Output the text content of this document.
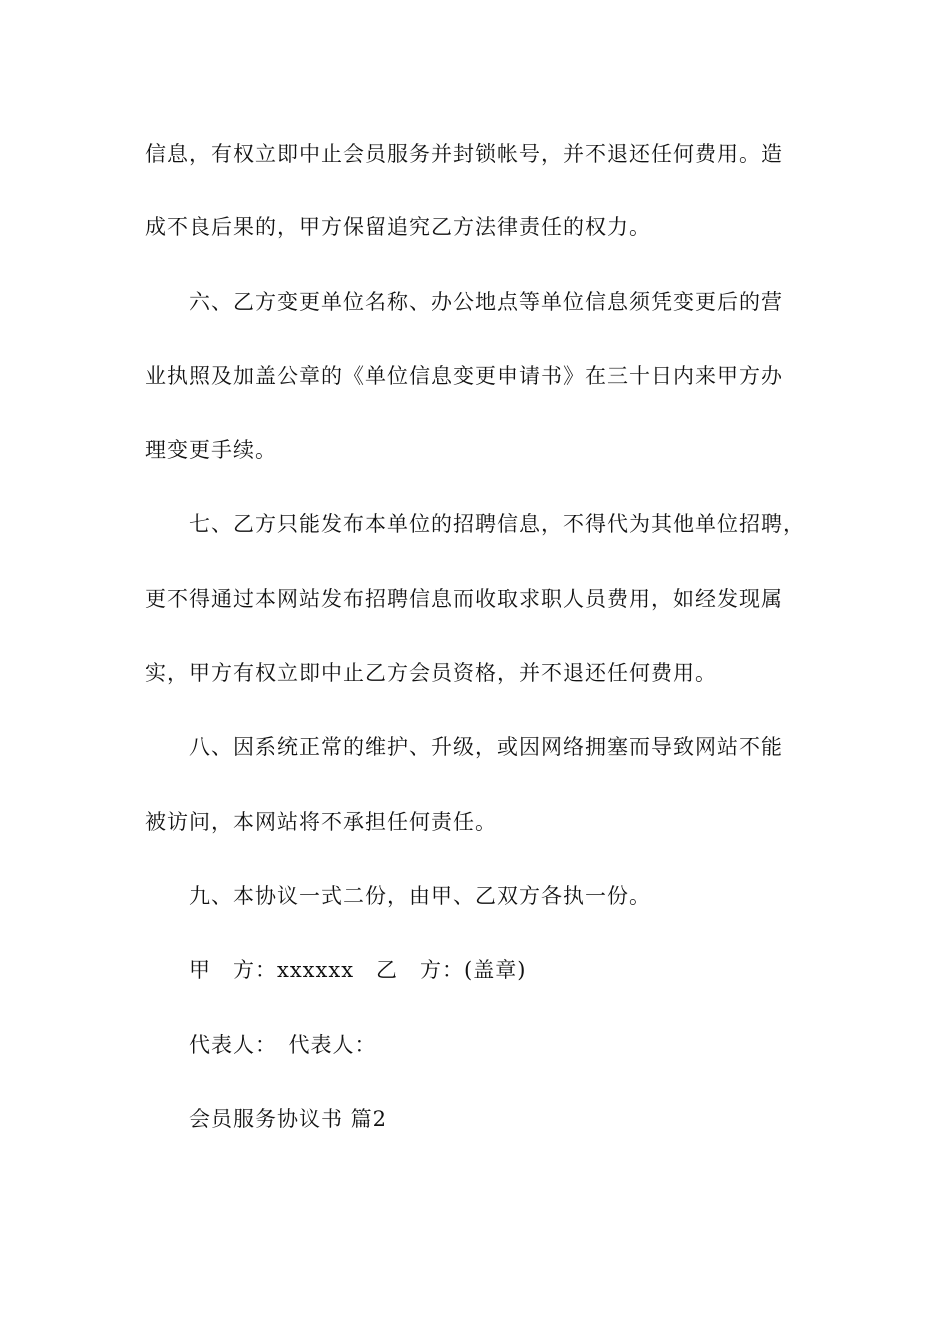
信息，有权立即中止会员服务并封锁帐号，并不退还任何费用。造
成不良后果的，甲方保留追究乙方法律责任的权力。
六、乙方变更单位名称、办公地点等单位信息须凭变更后的营
业执照及加盖公章的《单位信息变更申请书》在三十日内来甲方办
理变更手续。
七、乙方只能发布本单位的招聘信息，不得代为其他单位招聘，
更不得通过本网站发布招聘信息而收取求职人员费用，如经发现属
实，甲方有权立即中止乙方会员资格，并不退还任何费用。
八、因系统正常的维护、升级，或因网络拥塞而导致网站不能
被访问，本网站将不承担任何责任。
九、本协议一式二份，由甲、乙双方各执一份。
甲　方：xxxxxx　乙　方：(盖章)
代表人：　代表人：
会员服务协议书 篇2
